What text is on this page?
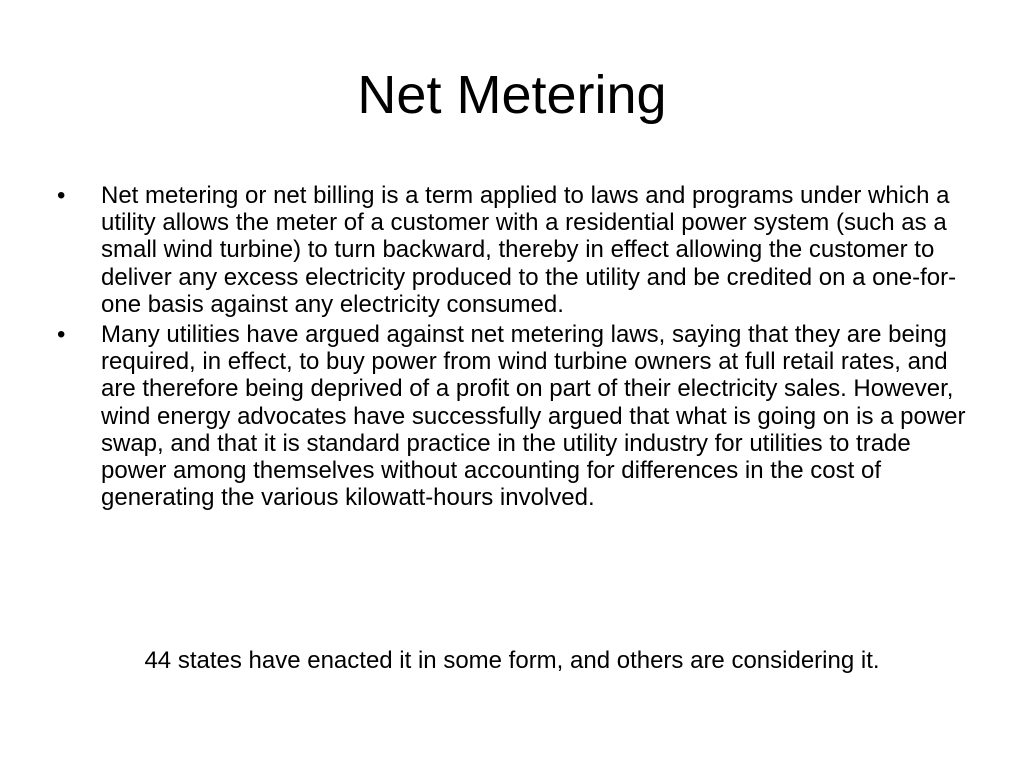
Net Metering
•	Net metering or net billing is a term applied to laws and programs under which a utility allows the meter of a customer with a residential power system (such as a small wind turbine) to turn backward, thereby in effect allowing the customer to deliver any excess electricity produced to the utility and be credited on a one-for-one basis against any electricity consumed.
•	Many utilities have argued against net metering laws, saying that they are being required, in effect, to buy power from wind turbine owners at full retail rates, and are therefore being deprived of a profit on part of their electricity sales. However, wind energy advocates have successfully argued that what is going on is a power swap, and that it is standard practice in the utility industry for utilities to trade power among themselves without accounting for differences in the cost of generating the various kilowatt-hours involved.

44 states have enacted it in some form, and others are considering it.
